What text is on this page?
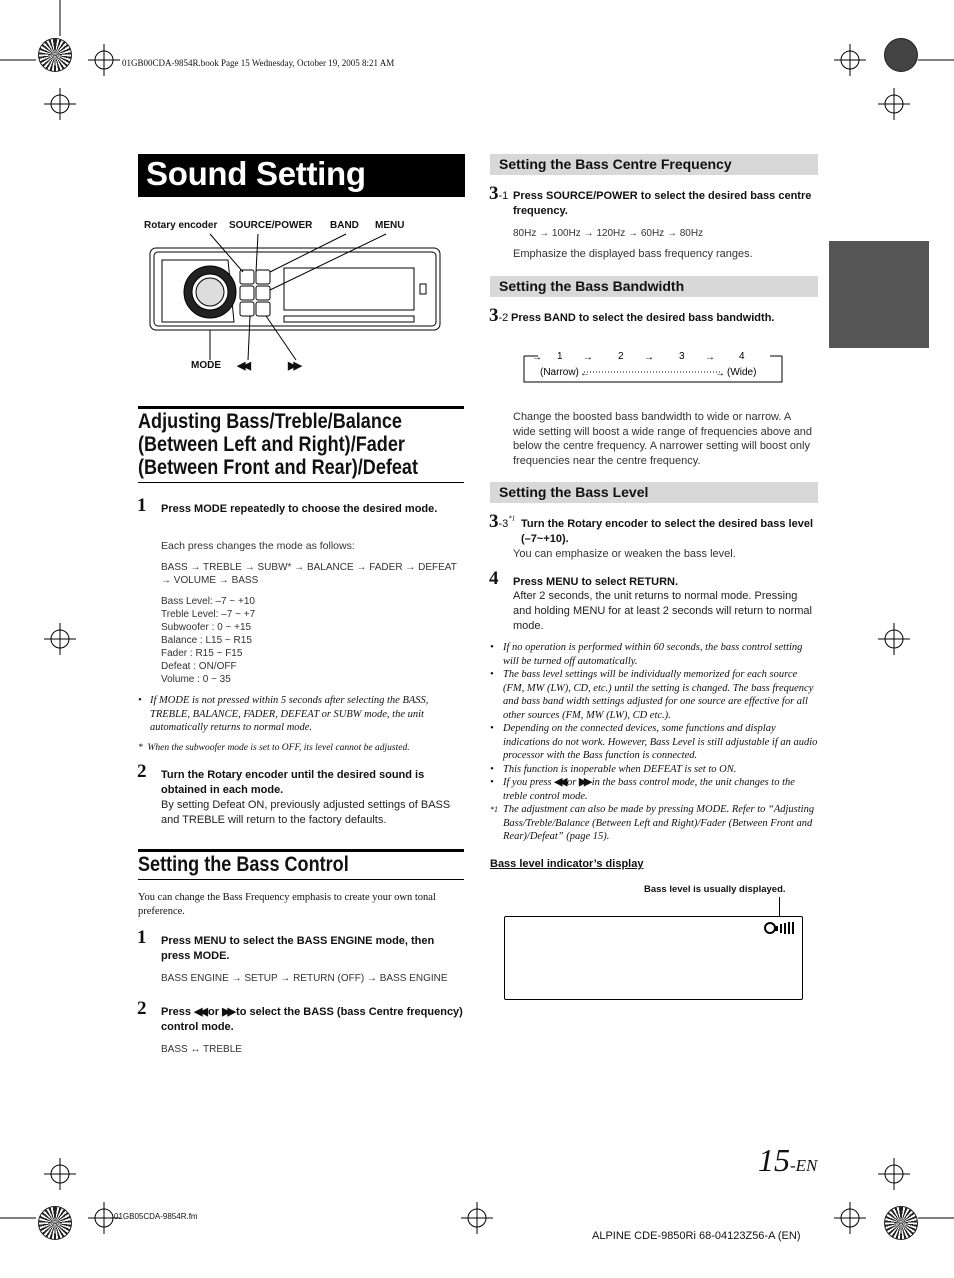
01GB00CDA-9854R.book Page 15 Wednesday, October 19, 2005 8:21 AM
Sound Setting
Rotary encoder SOURCE/POWER BAND MENU
MODE ◀◀	▶▶
Adjusting Bass/Treble/Balance (Between Left and Right)/Fader (Between Front and Rear)/Defeat
1 Press MODE repeatedly to choose the desired mode.
Each press changes the mode as follows:
BASS → TREBLE → SUBW* → BALANCE → FADER → DEFEAT → VOLUME → BASS
Bass Level: –7 ~ +10
Treble Level: –7 ~ +7
Subwoofer : 0 ~ +15
Balance : L15 ~ R15
Fader : R15 ~ F15
Defeat : ON/OFF
Volume : 0 ~ 35
• If MODE is not pressed within 5 seconds after selecting the BASS, TREBLE, BALANCE, FADER, DEFEAT or SUBW mode, the unit automatically returns to normal mode.
*  When the subwoofer mode is set to OFF, its level cannot be adjusted.
2 Turn the Rotary encoder until the desired sound is obtained in each mode.
By setting Defeat ON, previously adjusted settings of BASS and TREBLE will return to the factory defaults.
Setting the Bass Control
You can change the Bass Frequency emphasis to create your own tonal preference.
1 Press MENU to select the BASS ENGINE mode, then press MODE.
BASS ENGINE → SETUP → RETURN (OFF) → BASS ENGINE
2 Press ◀◀ or ▶▶ to select the BASS (bass Centre frequency) control mode.
BASS ↔ TREBLE
Setting the Bass Centre Frequency
3-1 Press SOURCE/POWER to select the desired bass centre frequency.
80Hz → 100Hz → 120Hz → 60Hz → 80Hz
Emphasize the displayed bass frequency ranges.
Setting the Bass Bandwidth
3-2 Press BAND to select the desired bass bandwidth.
→	→	→	→
←	→
1	2	3	4
(Narrow)	(Wide)
Change the boosted bass bandwidth to wide or narrow. A wide setting will boost a wide range of frequencies above and below the centre frequency. A narrower setting will boost only frequencies near the centre frequency.
Setting the Bass Level
3-3$^{*1}$ Turn the Rotary encoder to select the desired bass level (–7~+10).
You can emphasize or weaken the bass level.
4 Press MENU to select RETURN.
After 2 seconds, the unit returns to normal mode. Pressing and holding MENU for at least 2 seconds will return to normal mode.
• If no operation is performed within 60 seconds, the bass control setting will be turned off automatically.
• The bass level settings will be individually memorized for each source (FM, MW (LW), CD, etc.) until the setting is changed. The bass frequency and bass band width settings adjusted for one source are effective for all other sources (FM, MW (LW), CD etc.).
• Depending on the connected devices, some functions and display indications do not work. However, Bass Level is still adjustable if an audio processor with the Bass function is connected.
• This function is inoperable when DEFEAT is set to ON.
• If you press ◀◀ or ▶▶ in the bass control mode, the unit changes to the treble control mode.
*1 The adjustment can also be made by pressing MODE. Refer to “Adjusting Bass/Treble/Balance (Between Left and Right)/Fader (Between Front and Rear)/Defeat” (page 15).
Bass level indicator’s display
Bass level is usually displayed.
15-EN
01GB05CDA-9854R.fm
ALPINE CDE-9850Ri 68-04123Z56-A (EN)
